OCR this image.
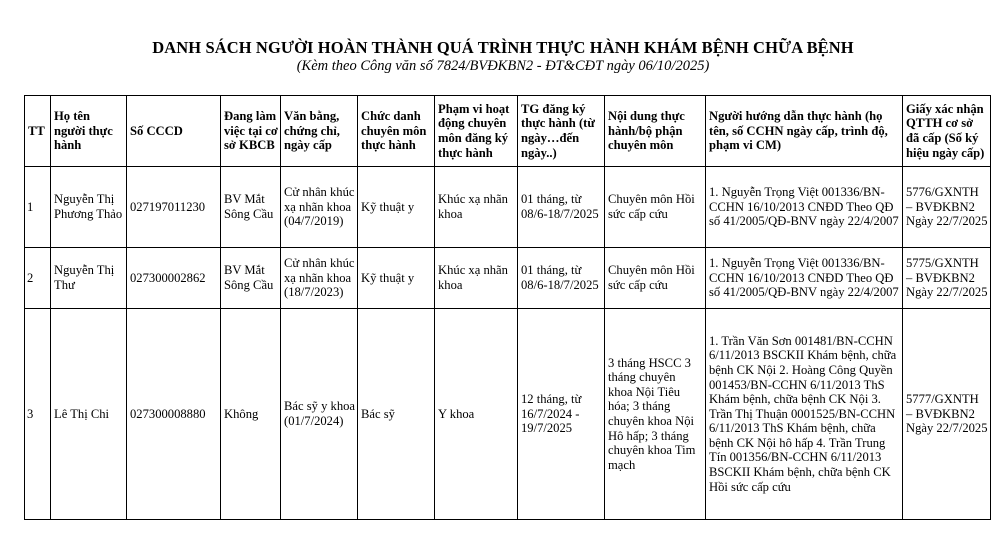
DANH SÁCH NGƯỜI HOÀN THÀNH QUÁ TRÌNH THỰC HÀNH KHÁM BỆNH CHỮA BỆNH
(Kèm theo Công văn số 7824/BVĐKBN2 - ĐT&CĐT ngày 06/10/2025)
TT	Họ tên người thực hành	Số CCCD	Đang làm việc tại cơ sở KBCB	Văn bằng, chứng chỉ, ngày cấp	Chức danh chuyên môn thực hành	Phạm vi hoạt động chuyên môn đăng ký thực hành	TG đăng ký thực hành (từ ngày…đến ngày..)	Nội dung thực hành/bộ phận chuyên môn	Người hướng dẫn thực hành (họ tên, số CCHN ngày cấp, trình độ, phạm vi CM)	Giấy xác nhận QTTH cơ sở đã cấp (Số ký hiệu ngày cấp)
1	Nguyễn Thị Phương Thảo	027197011230	BV Mắt Sông Cầu	Cử nhân khúc xạ nhãn khoa (04/7/2019)	Kỹ thuật y	Khúc xạ nhãn khoa	01 tháng, từ 08/6-18/7/2025	Chuyên môn Hồi sức cấp cứu	1. Nguyễn Trọng Việt 001336/BN-CCHN 16/10/2013 CNĐD Theo QĐ số 41/2005/QĐ-BNV ngày 22/4/2007	5776/GXNTH – BVĐKBN2 Ngày 22/7/2025
2	Nguyễn Thị Thư	027300002862	BV Mắt Sông Cầu	Cử nhân khúc xạ nhãn khoa (18/7/2023)	Kỹ thuật y	Khúc xạ nhãn khoa	01 tháng, từ 08/6-18/7/2025	Chuyên môn Hồi sức cấp cứu	1. Nguyễn Trọng Việt 001336/BN-CCHN 16/10/2013 CNĐD Theo QĐ số 41/2005/QĐ-BNV ngày 22/4/2007	5775/GXNTH – BVĐKBN2 Ngày 22/7/2025
3	Lê Thị Chi	027300008880	Không	Bác sỹ y khoa (01/7/2024)	Bác sỹ	Y khoa	12 tháng, từ 16/7/2024 - 19/7/2025	3 tháng HSCC 3 tháng chuyên khoa Nội Tiêu hóa; 3 tháng chuyên khoa Nội Hô hấp; 3 tháng chuyên khoa Tim mạch	1. Trần Văn Sơn 001481/BN-CCHN 6/11/2013 BSCKII Khám bệnh, chữa bệnh CK Nội 2. Hoàng Công Quyền 001453/BN-CCHN 6/11/2013 ThS Khám bệnh, chữa bệnh CK Nội 3. Trần Thị Thuận 0001525/BN-CCHN 6/11/2013 ThS Khám bệnh, chữa bệnh CK Nội hô hấp 4. Trần Trung Tín 001356/BN-CCHN 6/11/2013 BSCKII Khám bệnh, chữa bệnh CK Hồi sức cấp cứu	5777/GXNTH – BVĐKBN2 Ngày 22/7/2025
